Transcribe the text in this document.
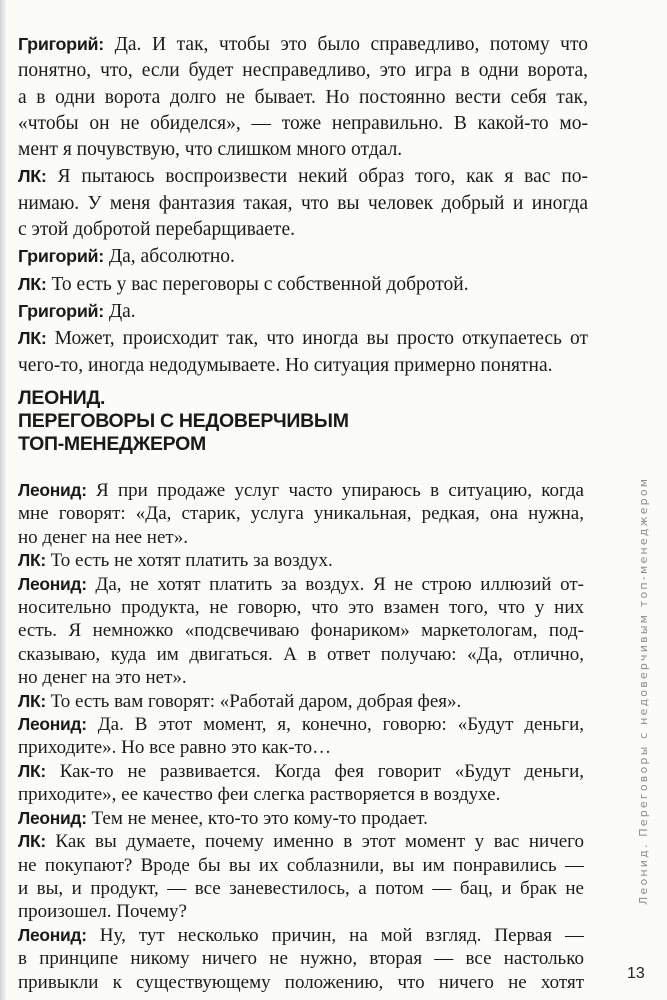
Григорий: Да. И так, чтобы это было справедливо, потому что
понятно, что, если будет несправедливо, это игра в одни ворота,
а в одни ворота долго не бывает. Но постоянно вести себя так,
«чтобы он не обиделся», — тоже неправильно. В какой-то мо-
мент я почувствую, что слишком много отдал.
ЛК: Я пытаюсь воспроизвести некий образ того, как я вас по-
нимаю. У меня фантазия такая, что вы человек добрый и иногда
с этой добротой перебарщиваете.
Григорий: Да, абсолютно.
ЛК: То есть у вас переговоры с собственной добротой.
Григорий: Да.
ЛК: Может, происходит так, что иногда вы просто откупаетесь от
чего-то, иногда недодумываете. Но ситуация примерно понятна.
ЛЕОНИД.
ПЕРЕГОВОРЫ С НЕДОВЕРЧИВЫМ
ТОП-МЕНЕДЖЕРОМ
Леонид: Я при продаже услуг часто упираюсь в ситуацию, когда
мне говорят: «Да, старик, услуга уникальная, редкая, она нужна,
но денег на нее нет».
ЛК: То есть не хотят платить за воздух.
Леонид: Да, не хотят платить за воздух. Я не строю иллюзий от-
носительно продукта, не говорю, что это взамен того, что у них
есть. Я немножко «подсвечиваю фонариком» маркетологам, под-
сказываю, куда им двигаться. А в ответ получаю: «Да, отлично,
но денег на это нет».
ЛК: То есть вам говорят: «Работай даром, добрая фея».
Леонид: Да. В этот момент, я, конечно, говорю: «Будут деньги,
приходите». Но все равно это как-то…
ЛК: Как-то не развивается. Когда фея говорит «Будут деньги,
приходите», ее качество феи слегка растворяется в воздухе.
Леонид: Тем не менее, кто-то это кому-то продает.
ЛК: Как вы думаете, почему именно в этот момент у вас ничего
не покупают? Вроде бы вы их соблазнили, вы им понравились —
и вы, и продукт, — все заневестилось, а потом — бац, и брак не
произошел. Почему?
Леонид: Ну, тут несколько причин, на мой взгляд. Первая —
в принципе никому ничего не нужно, вторая — все настолько
привыкли к существующему положению, что ничего не хотят
Леонид. Переговоры с недоверчивым топ-менеджером
13
